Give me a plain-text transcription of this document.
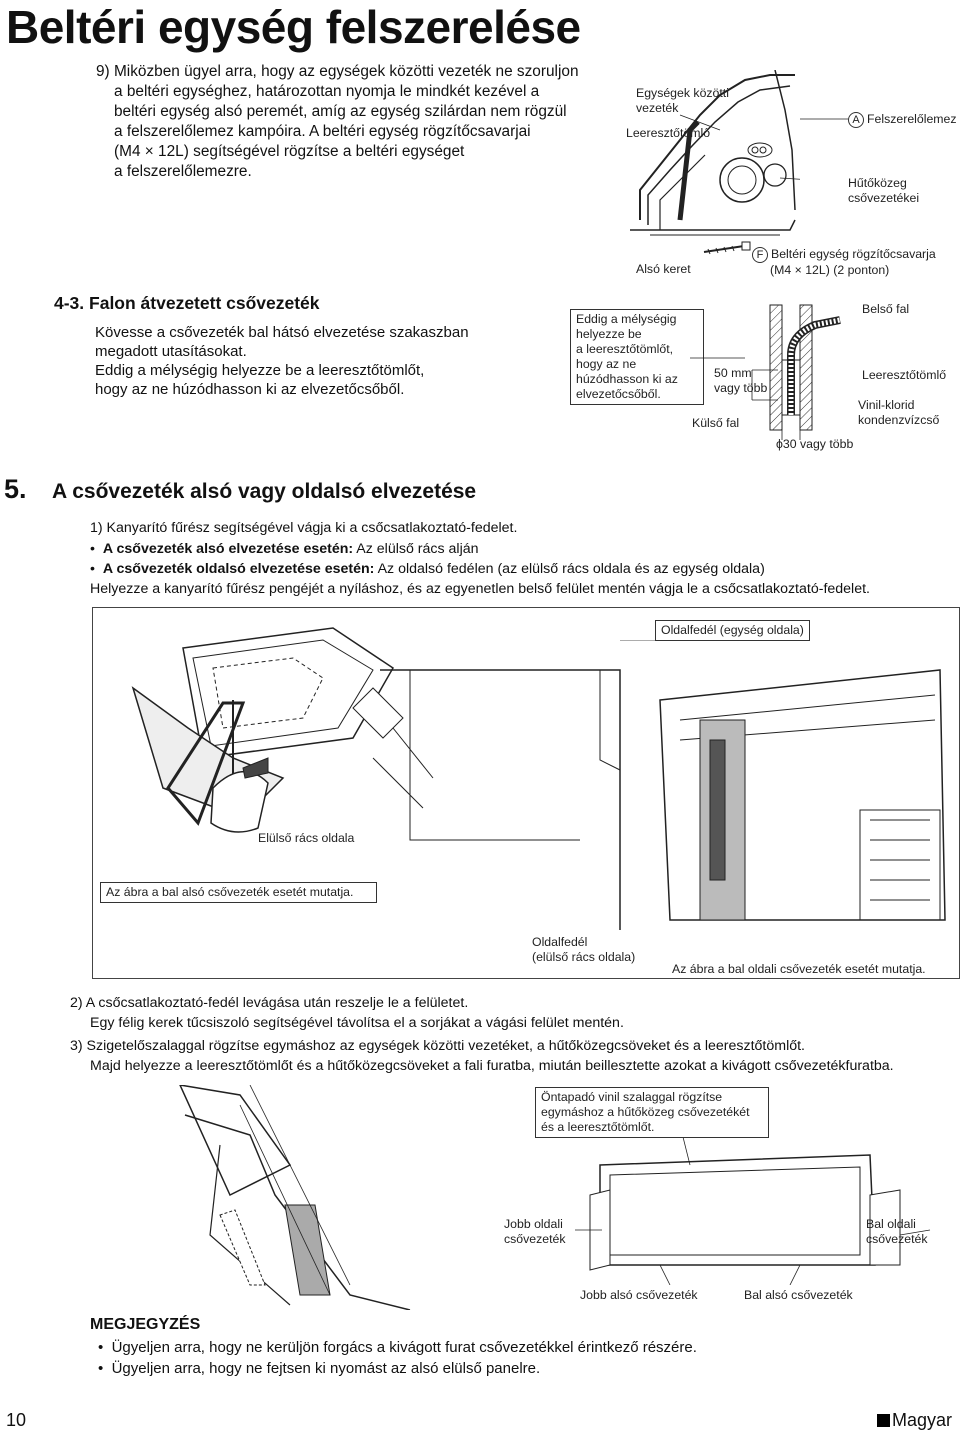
Beltéri egység felszerelése
9) Miközben ügyel arra, hogy az egységek közötti vezeték ne szoruljon
a beltéri egységhez, határozottan nyomja le mindkét kezével a
beltéri egység alsó peremét, amíg az egység szilárdan nem rögzül
a felszerelőlemez kampóira. A beltéri egység rögzítőcsavarjai
(M4 × 12L) segítségével rögzítse a beltéri egységet
a felszerelőlemezre.
Egységek közötti
vezeték
Leeresztőtömlő
A Felszerelőlemez
Hűtőközeg
csővezetékei
Alsó keret
F Beltéri egység rögzítőcsavarja
(M4 × 12L) (2 ponton)
4-3. Falon átvezetett csővezeték
Kövesse a csővezeték bal hátsó elvezetése szakaszban
megadott utasításokat.
Eddig a mélységig helyezze be a leeresztőtömlőt,
hogy az ne húzódhasson ki az elvezetőcsőből.
Eddig a mélységig
helyezze be
a leeresztőtömlőt,
hogy az ne
húzódhasson ki az
elvezetőcsőből.
50 mm
vagy több
Külső fal
Belső fal
Leeresztőtömlő
Vinil-klorid
kondenzvízcső
ϕ30 vagy több
5. A csővezeték alsó vagy oldalsó elvezetése
1) Kanyarító fűrész segítségével vágja ki a csőcsatlakoztató-fedelet.
•  A csővezeték alsó elvezetése esetén: Az elülső rács alján
•  A csővezeték oldalsó elvezetése esetén: Az oldalsó fedélen (az elülső rács oldala és az egység oldala)
Helyezze a kanyarító fűrész pengéjét a nyíláshoz, és az egyenetlen belső felület mentén vágja le a csőcsatlakoztató-fedelet.
Elülső rács oldala
Az ábra a bal alsó csővezeték esetét mutatja.
Oldalfedél (egység oldala)
Oldalfedél
(elülső rács oldala)
Az ábra a bal oldali csővezeték esetét mutatja.
2) A csőcsatlakoztató-fedél levágása után reszelje le a felületet.
Egy félig kerek tűcsiszoló segítségével távolítsa el a sorjákat a vágási felület mentén.
3) Szigetelőszalaggal rögzítse egymáshoz az egységek közötti vezetéket, a hűtőközegcsöveket és a leeresztőtömlőt.
Majd helyezze a leeresztőtömlőt és a hűtőközegcsöveket a fali furatba, miután beillesztette azokat a kivágott csővezetékfuratba.
Öntapadó vinil szalaggal rögzítse
egymáshoz a hűtőközeg csővezetékét
és a leeresztőtömlőt.
Jobb oldali
csővezeték
Bal oldali
csővezeték
Jobb alsó csővezeték	Bal alsó csővezeték
MEGJEGYZÉS
•  Ügyeljen arra, hogy ne kerüljön forgács a kivágott furat csővezetékkel érintkező részére.
•  Ügyeljen arra, hogy ne fejtsen ki nyomást az alsó elülső panelre.
10	Magyar
